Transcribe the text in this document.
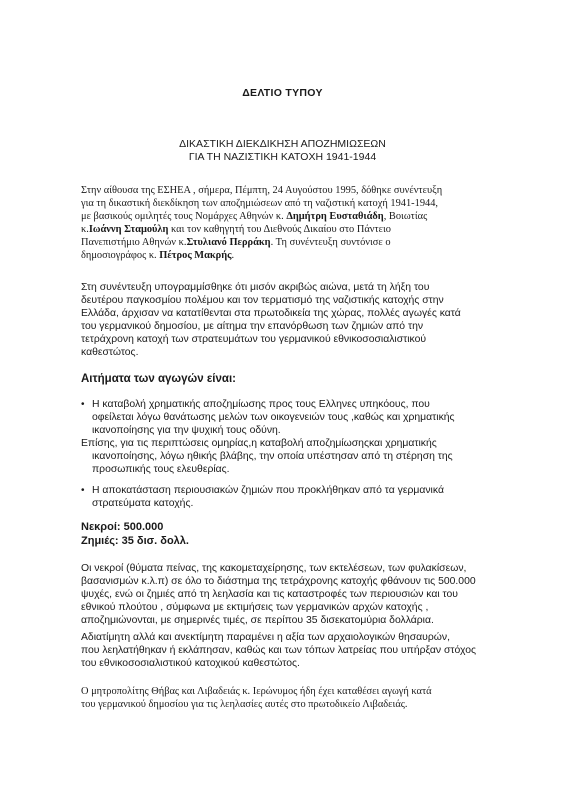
ΔΕΛΤΙΟ ΤΥΠΟΥ
ΔΙΚΑΣΤΙΚΗ ΔΙΕΚΔΙΚΗΣΗ ΑΠΟΖΗΜΙΩΣΕΩΝ
ΓΙΑ ΤΗ ΝΑΖΙΣΤΙΚΗ ΚΑΤΟΧΗ 1941-1944
Στην αίθουσα της ΕΣΗΕΑ , σήμερα, Πέμπτη, 24 Αυγούστου 1995, δόθηκε συνέντευξη
για τη δικαστική διεκδίκηση των αποζημιώσεων από τη ναζιστική κατοχή 1941-1944,
με βασικούς ομιλητές τους Νομάρχες Αθηνών κ. Δημήτρη Ευσταθιάδη, Βοιωτίας
κ.Ιωάννη Σταμούλη και τον καθηγητή του Διεθνούς Δικαίου στο Πάντειο
Πανεπιστήμιο Αθηνών κ.Στυλιανό Περράκη. Τη συνέντευξη συντόνισε ο
δημοσιογράφος κ. Πέτρος Μακρής.
Στη συνέντευξη υπογραμμίσθηκε ότι μισόν ακριβώς αιώνα, μετά τη λήξη του
δευτέρου παγκοσμίου πολέμου και τον τερματισμό της ναζιστικής κατοχής στην
Ελλάδα, άρχισαν να κατατίθενται στα πρωτοδικεία της χώρας, πολλές αγωγές κατά
του γερμανικού δημοσίου, με αίτημα την επανόρθωση των ζημιών από την
τετράχρονη κατοχή των στρατευμάτων του γερμανικού εθνικοσοσιαλιστικού
καθεστώτος.
Αιτήματα των αγωγών είναι:
• Η καταβολή χρηματικής αποζημίωσης προς τους Ελληνες υπηκόους, που
οφείλεται λόγω θανάτωσης μελών των οικογενειών τους ,καθώς και χρηματικής
ικανοποίησης για την ψυχική τους οδύνη.
Επίσης, για τις περιπτώσεις ομηρίας,η καταβολή αποζημίωσηςκαι χρηματικής
ικανοποίησης, λόγω ηθικής βλάβης, την οποία υπέστησαν από τη στέρηση της
προσωπικής τους ελευθερίας.
• Η αποκατάσταση περιουσιακών ζημιών που προκλήθηκαν από τα γερμανικά
στρατεύματα κατοχής.
Νεκροί: 500.000
Ζημιές: 35 δισ. δολλ.
Οι νεκροί (θύματα πείνας, της κακομεταχείρησης, των εκτελέσεων, των φυλακίσεων,
βασανισμών κ.λ.π) σε όλο το διάστημα της τετράχρονης κατοχής φθάνουν τις 500.000
ψυχές, ενώ οι ζημιές από τη λεηλασία και τις καταστροφές των περιουσιών και του
εθνικού πλούτου , σύμφωνα με εκτιμήσεις των γερμανικών αρχών κατοχής ,
αποζημιώνονται, με σημερινές τιμές, σε περίπου 35 δισεκατομύρια δολλάρια.
Αδιατίμητη αλλά και ανεκτίμητη παραμένει η αξία των αρχαιολογικών θησαυρών,
που λεηλατήθηκαν ή εκλάπησαν, καθώς και των τόπων λατρείας που υπήρξαν στόχος
του εθνικοσοσιαλιστικού κατοχικού καθεστώτος.
Ο μητροπολίτης Θήβας και Λιβαδειάς κ. Ιερώνυμος ήδη έχει καταθέσει αγωγή κατά
του γερμανικού δημοσίου για τις λεηλασίες αυτές στο πρωτοδικείο Λιβαδειάς.
